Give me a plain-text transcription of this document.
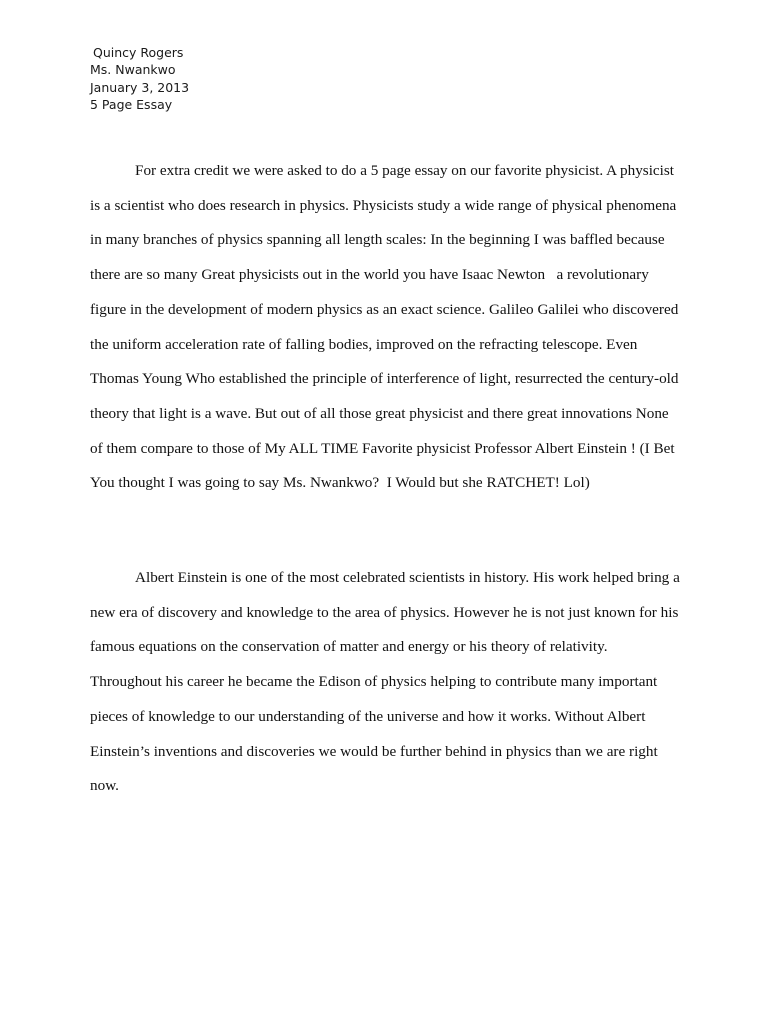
Quincy Rogers
Ms. Nwankwo
January 3, 2013
5 Page Essay
For extra credit we were asked to do a 5 page essay on our favorite physicist. A physicist
is a scientist who does research in physics. Physicists study a wide range of physical phenomena
in many branches of physics spanning all length scales: In the beginning I was baffled because
there are so many Great physicists out in the world you have Isaac Newton   a revolutionary
figure in the development of modern physics as an exact science. Galileo Galilei who discovered
the uniform acceleration rate of falling bodies, improved on the refracting telescope. Even
Thomas Young Who established the principle of interference of light, resurrected the century-old
theory that light is a wave. But out of all those great physicist and there great innovations None
of them compare to those of My ALL TIME Favorite physicist Professor Albert Einstein ! (I Bet
You thought I was going to say Ms. Nwankwo?  I Would but she RATCHET! Lol)
Albert Einstein is one of the most celebrated scientists in history. His work helped bring a
new era of discovery and knowledge to the area of physics. However he is not just known for his
famous equations on the conservation of matter and energy or his theory of relativity.
Throughout his career he became the Edison of physics helping to contribute many important
pieces of knowledge to our understanding of the universe and how it works. Without Albert
Einstein’s inventions and discoveries we would be further behind in physics than we are right
now.
